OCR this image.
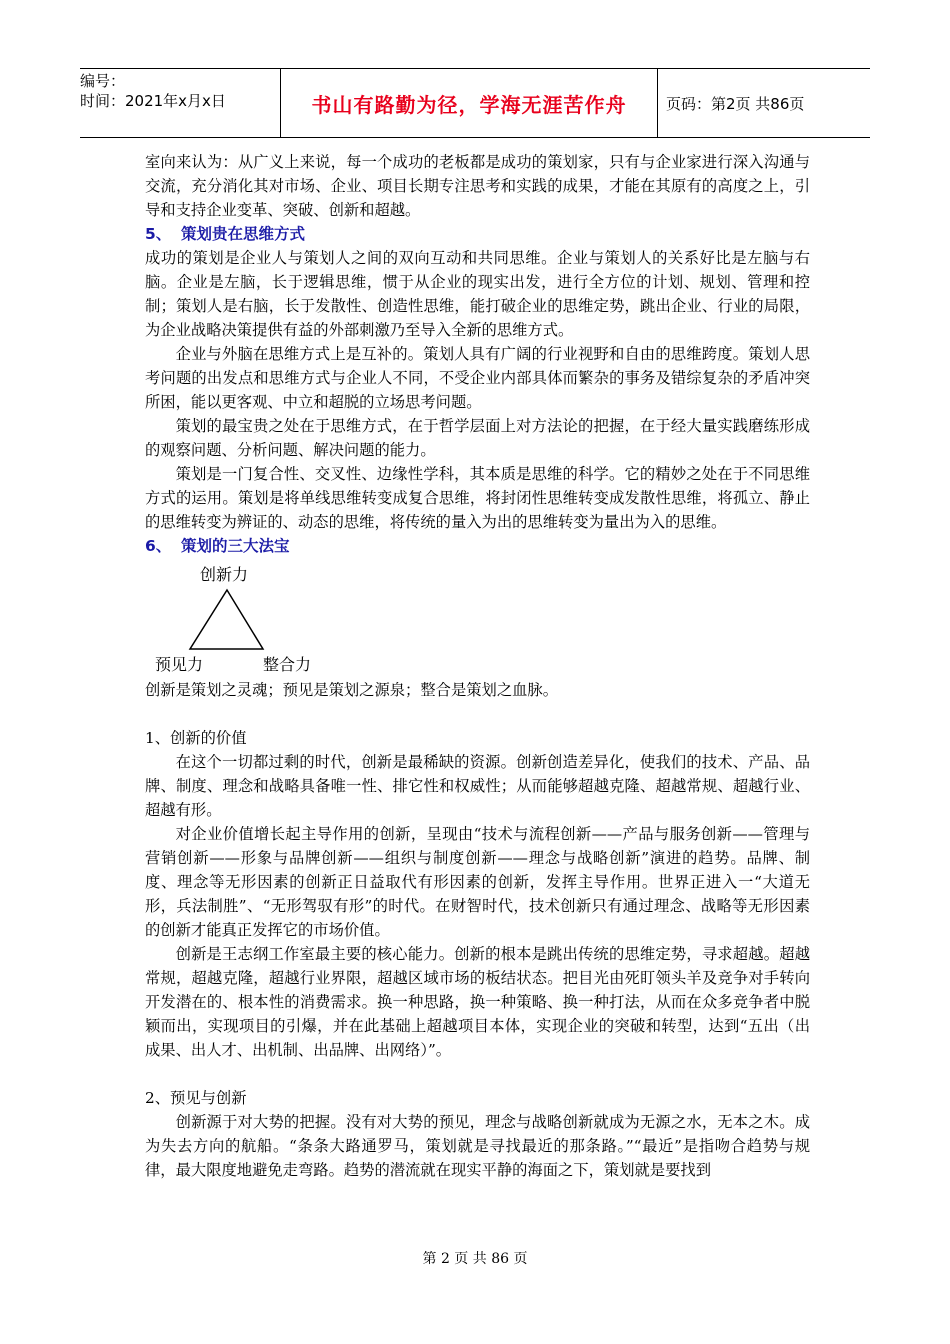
编号：
时间：2021年x月x日	书山有路勤为径，学海无涯苦作舟	页码：第2页 共86页

室向来认为：从广义上来说，每一个成功的老板都是成功的策划家，只有与企业家进行深入沟通与交流，充分消化其对市场、企业、项目长期专注思考和实践的成果，才能在其原有的高度之上，引导和支持企业变革、突破、创新和超越。

5、 策划贵在思维方式

成功的策划是企业人与策划人之间的双向互动和共同思维。企业与策划人的关系好比是左脑与右脑。企业是左脑，长于逻辑思维，惯于从企业的现实出发，进行全方位的计划、规划、管理和控制；策划人是右脑，长于发散性、创造性思维，能打破企业的思维定势，跳出企业、行业的局限，为企业战略决策提供有益的外部刺激乃至导入全新的思维方式。

企业与外脑在思维方式上是互补的。策划人具有广阔的行业视野和自由的思维跨度。策划人思考问题的出发点和思维方式与企业人不同，不受企业内部具体而繁杂的事务及错综复杂的矛盾冲突所困，能以更客观、中立和超脱的立场思考问题。

策划的最宝贵之处在于思维方式，在于哲学层面上对方法论的把握，在于经大量实践磨练形成的观察问题、分析问题、解决问题的能力。

策划是一门复合性、交叉性、边缘性学科，其本质是思维的科学。它的精妙之处在于不同思维方式的运用。策划是将单线思维转变成复合思维，将封闭性思维转变成发散性思维，将孤立、静止的思维转变为辨证的、动态的思维，将传统的量入为出的思维转变为量出为入的思维。

6、 策划的三大法宝

创新力
预见力	整合力

创新是策划之灵魂；预见是策划之源泉；整合是策划之血脉。

1、创新的价值

在这个一切都过剩的时代，创新是最稀缺的资源。创新创造差异化，使我们的技术、产品、品牌、制度、理念和战略具备唯一性、排它性和权威性；从而能够超越克隆、超越常规、超越行业、超越有形。

对企业价值增长起主导作用的创新，呈现由“技术与流程创新——产品与服务创新——管理与营销创新——形象与品牌创新——组织与制度创新——理念与战略创新”演进的趋势。品牌、制度、理念等无形因素的创新正日益取代有形因素的创新，发挥主导作用。世界正进入一“大道无形，兵法制胜”、“无形驾驭有形”的时代。在财智时代，技术创新只有通过理念、战略等无形因素的创新才能真正发挥它的市场价值。

创新是王志纲工作室最主要的核心能力。创新的根本是跳出传统的思维定势，寻求超越。超越常规，超越克隆，超越行业界限，超越区域市场的板结状态。把目光由死盯领头羊及竞争对手转向开发潜在的、根本性的消费需求。换一种思路，换一种策略、换一种打法，从而在众多竞争者中脱颖而出，实现项目的引爆，并在此基础上超越项目本体，实现企业的突破和转型，达到“五出（出成果、出人才、出机制、出品牌、出网络）”。

2、预见与创新

创新源于对大势的把握。没有对大势的预见，理念与战略创新就成为无源之水，无本之木。成为失去方向的航船。“条条大路通罗马，策划就是寻找最近的那条路。”“最近”是指吻合趋势与规律，最大限度地避免走弯路。趋势的潜流就在现实平静的海面之下，策划就是要找到

第 2 页 共 86 页
